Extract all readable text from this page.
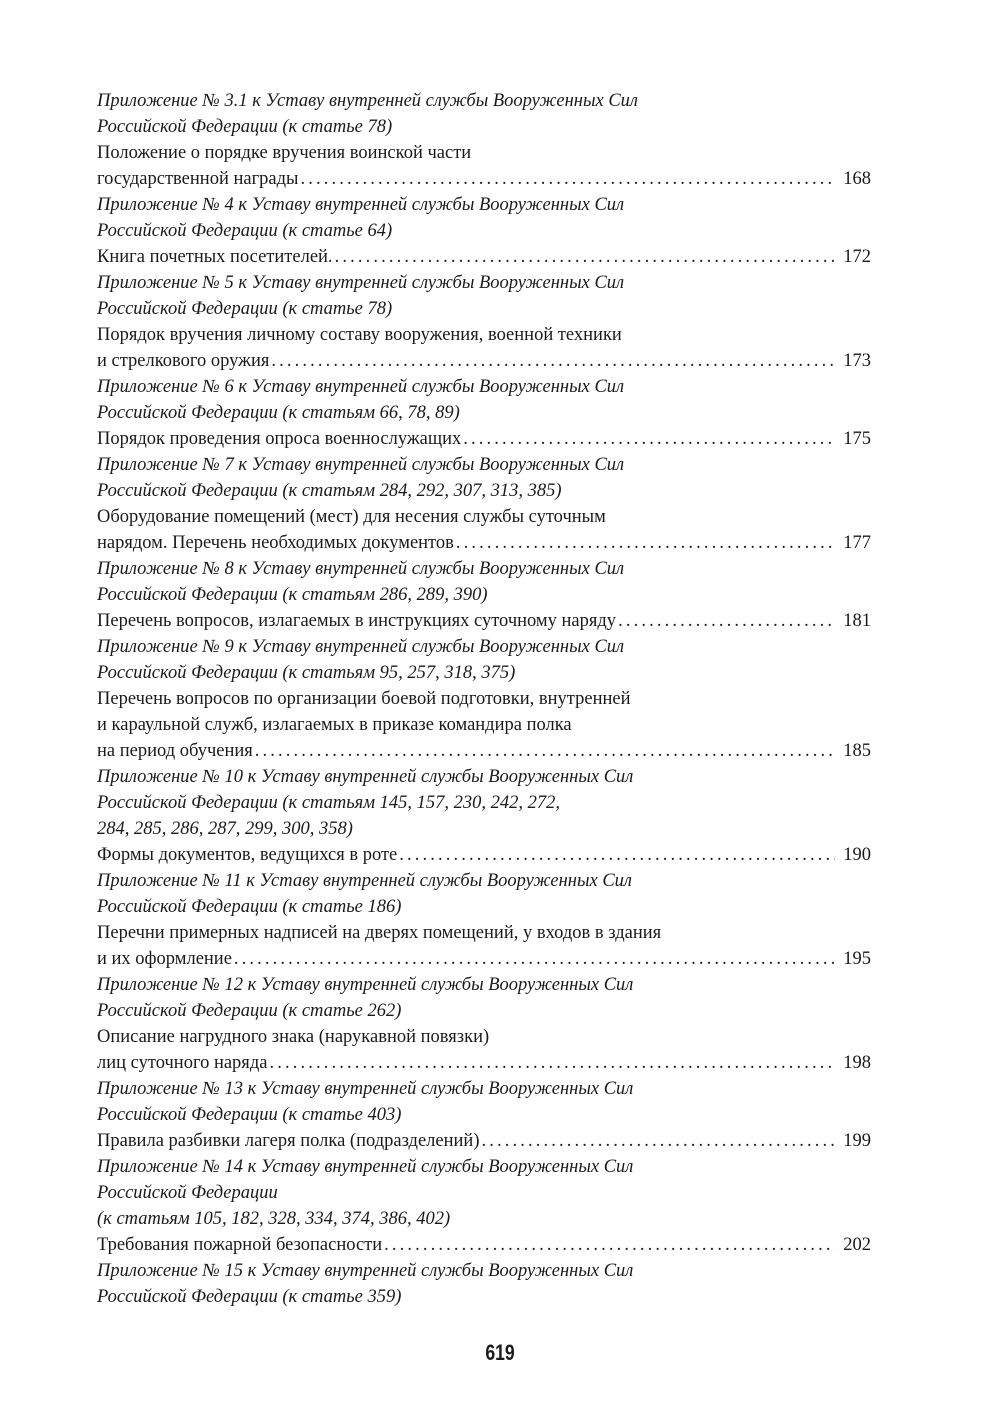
Приложение № 3.1 к Уставу внутренней службы Вооруженных Сил
Российской Федерации (к статье 78)
Положение о порядке вручения воинской части
государственной награды . . .	168
Приложение № 4 к Уставу внутренней службы Вооруженных Сил
Российской Федерации (к статье 64)
Книга почетных посетителей. . . .	172
Приложение № 5 к Уставу внутренней службы Вооруженных Сил
Российской Федерации (к статье 78)
Порядок вручения личному составу вооружения, военной техники
и стрелкового оружия . . .	173
Приложение № 6 к Уставу внутренней службы Вооруженных Сил
Российской Федерации (к статьям 66, 78, 89)
Порядок проведения опроса военнослужащих . . .	175
Приложение № 7 к Уставу внутренней службы Вооруженных Сил
Российской Федерации (к статьям 284, 292, 307, 313, 385)
Оборудование помещений (мест) для несения службы суточным
нарядом. Перечень необходимых документов . . .	177
Приложение № 8 к Уставу внутренней службы Вооруженных Сил
Российской Федерации (к статьям 286, 289, 390)
Перечень вопросов, излагаемых в инструкциях суточному наряду . . .	181
Приложение № 9 к Уставу внутренней службы Вооруженных Сил
Российской Федерации (к статьям 95, 257, 318, 375)
Перечень вопросов по организации боевой подготовки, внутренней
и караульной служб, излагаемых в приказе командира полка
на период обучения . . .	185
Приложение № 10 к Уставу внутренней службы Вооруженных Сил
Российской Федерации (к статьям 145, 157, 230, 242, 272,
284, 285, 286, 287, 299, 300, 358)
Формы документов, ведущихся в роте . . .	190
Приложение № 11 к Уставу внутренней службы Вооруженных Сил
Российской Федерации (к статье 186)
Перечни примерных надписей на дверях помещений, у входов в здания
и их оформление . . .	195
Приложение № 12 к Уставу внутренней службы Вооруженных Сил
Российской Федерации (к статье 262)
Описание нагрудного знака (нарукавной повязки)
лиц суточного наряда . . .	198
Приложение № 13 к Уставу внутренней службы Вооруженных Сил
Российской Федерации (к статье 403)
Правила разбивки лагеря полка (подразделений) . . .	199
Приложение № 14 к Уставу внутренней службы Вооруженных Сил
Российской Федерации
(к статьям 105, 182, 328, 334, 374, 386, 402)
Требования пожарной безопасности . . .	202
Приложение № 15 к Уставу внутренней службы Вооруженных Сил
Российской Федерации (к статье 359)
619
